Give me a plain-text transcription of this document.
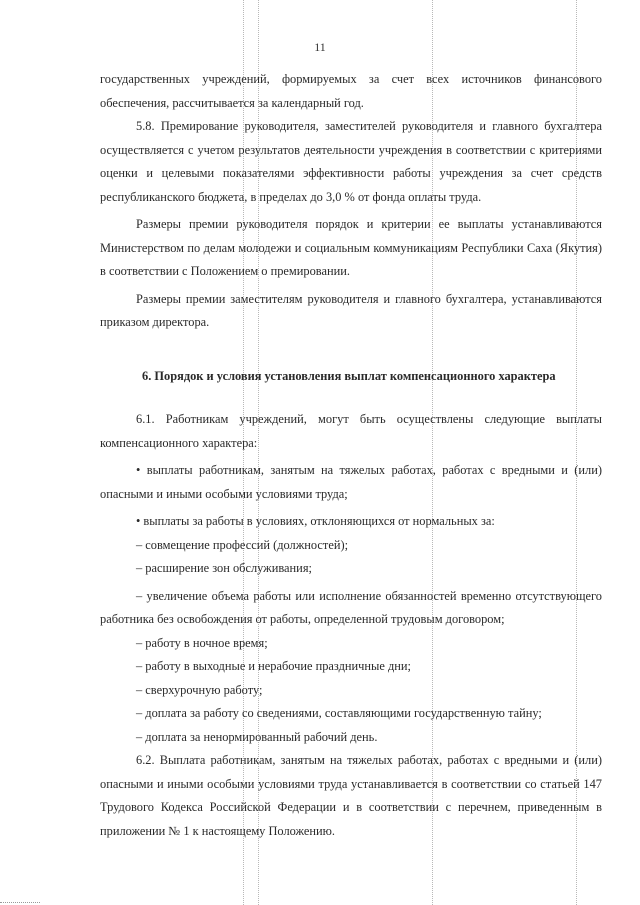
11

государственных учреждений, формируемых за счет всех источников финансового обеспечения, рассчитывается за календарный год.

5.8. Премирование руководителя, заместителей руководителя и главного бухгалтера осуществляется с учетом результатов деятельности учреждения в соответствии с критериями оценки и целевыми показателями эффективности работы учреждения за счет средств республиканского бюджета, в пределах до 3,0 % от фонда оплаты труда.

Размеры премии руководителя порядок и критерии ее выплаты устанавливаются Министерством по делам молодежи и социальным коммуникациям Республики Саха (Якутия) в соответствии с Положением о премировании.

Размеры премии заместителям руководителя и главного бухгалтера, устанавливаются приказом директора.

6. Порядок и условия установления выплат компенсационного характера

6.1. Работникам учреждений, могут быть осуществлены следующие выплаты компенсационного характера:

• выплаты работникам, занятым на тяжелых работах, работах с вредными и (или) опасными и иными особыми условиями труда;

• выплаты за работы в условиях, отклоняющихся от нормальных за:

– совмещение профессий (должностей);

– расширение зон обслуживания;

– увеличение объема работы или исполнение обязанностей временно отсутствующего работника без освобождения от работы, определенной трудовым договором;

– работу в ночное время;

– работу в выходные и нерабочие праздничные дни;

– сверхурочную работу;

– доплата за работу со сведениями, составляющими государственную тайну;

– доплата за ненормированный рабочий день.

6.2. Выплата работникам, занятым на тяжелых работах, работах с вредными и (или) опасными и иными особыми условиями труда устанавливается в соответствии со статьей 147 Трудового Кодекса Российской Федерации и в соответствии с перечнем, приведенным в приложении № 1 к настоящему Положению.
